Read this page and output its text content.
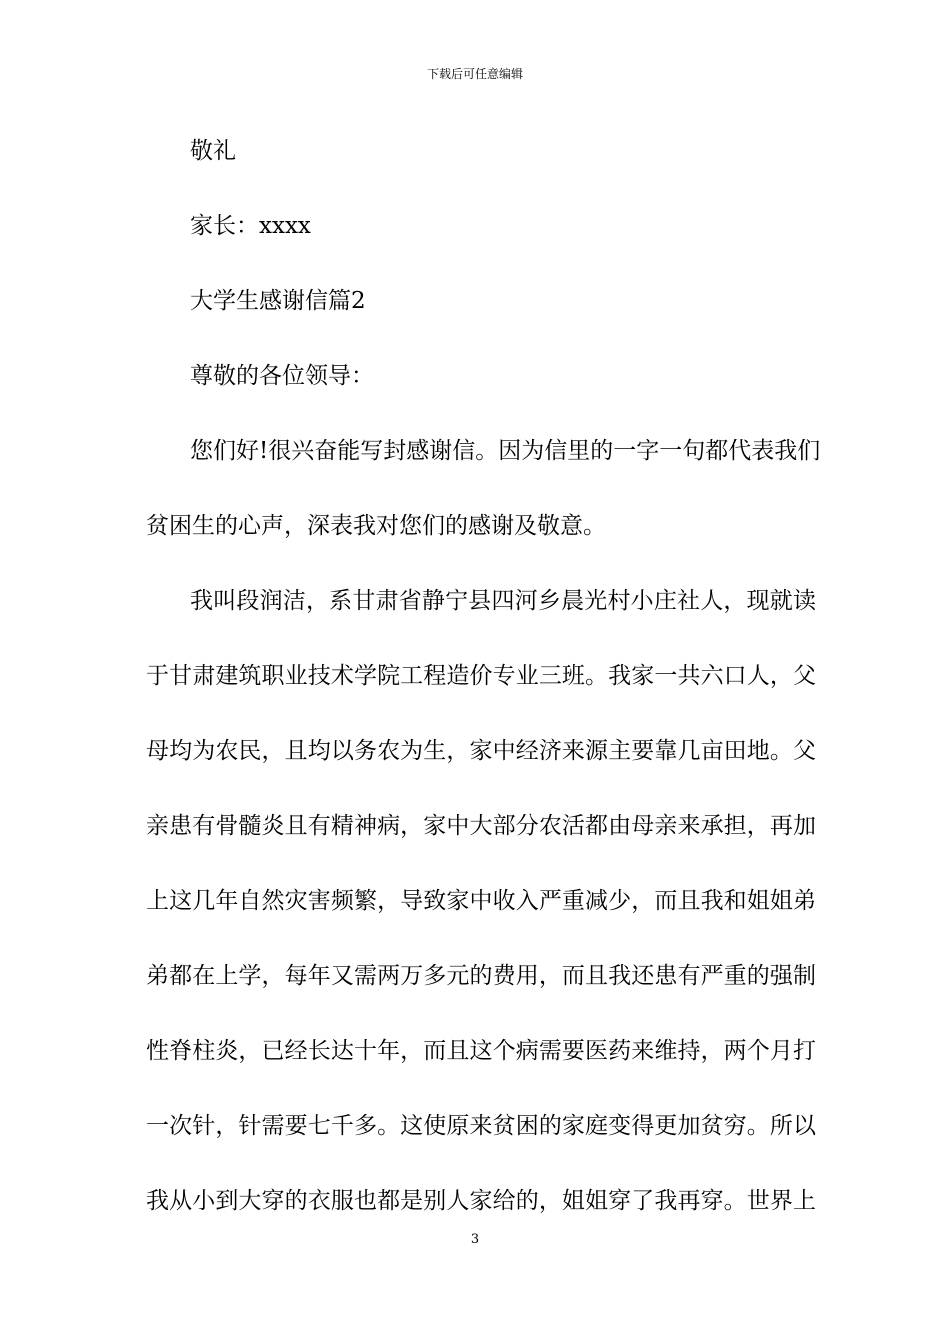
下载后可任意编辑
敬礼
家长：xxxx
大学生感谢信篇2
尊敬的各位领导：
您们好!很兴奋能写封感谢信。因为信里的一字一句都代表我们
贫困生的心声，深表我对您们的感谢及敬意。
我叫段润洁，系甘肃省静宁县四河乡晨光村小庄社人，现就读
于甘肃建筑职业技术学院工程造价专业三班。我家一共六口人，父
母均为农民，且均以务农为生，家中经济来源主要靠几亩田地。父
亲患有骨髓炎且有精神病，家中大部分农活都由母亲来承担，再加
上这几年自然灾害频繁，导致家中收入严重减少，而且我和姐姐弟
弟都在上学，每年又需两万多元的费用，而且我还患有严重的强制
性脊柱炎，已经长达十年，而且这个病需要医药来维持，两个月打
一次针，针需要七千多。这使原来贫困的家庭变得更加贫穷。所以
我从小到大穿的衣服也都是别人家给的，姐姐穿了我再穿。世界上
3
